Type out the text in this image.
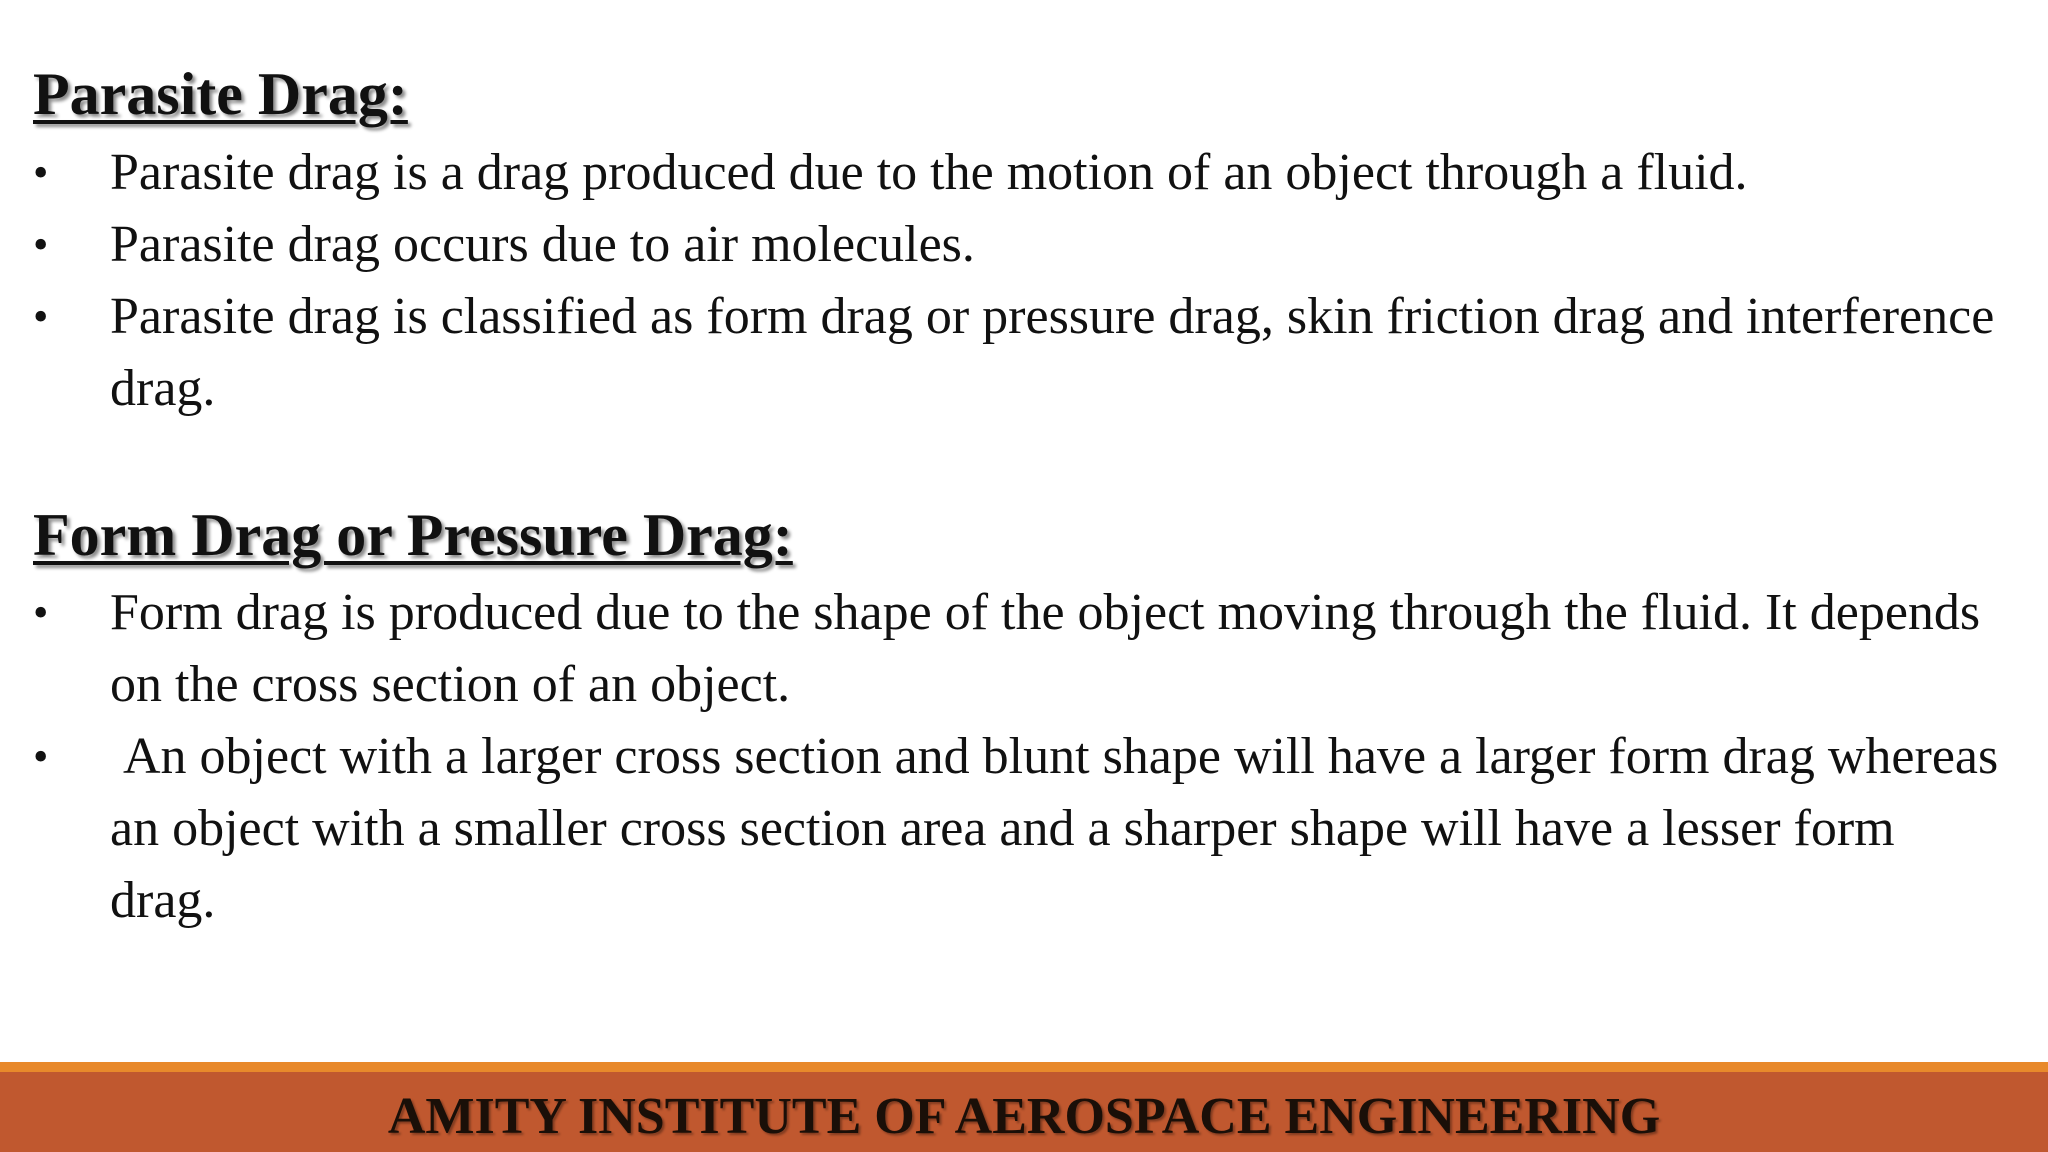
Parasite Drag:
• Parasite drag is a drag produced due to the motion of an object through a fluid.
• Parasite drag occurs due to air molecules.
• Parasite drag is classified as form drag or pressure drag, skin friction drag and interference drag.
Form Drag or Pressure Drag:
• Form drag is produced due to the shape of the object moving through the fluid. It depends on the cross section of an object.
• An object with a larger cross section and blunt shape will have a larger form drag whereas an object with a smaller cross section area and a sharper shape will have a lesser form drag.
AMITY INSTITUTE OF AEROSPACE ENGINEERING
